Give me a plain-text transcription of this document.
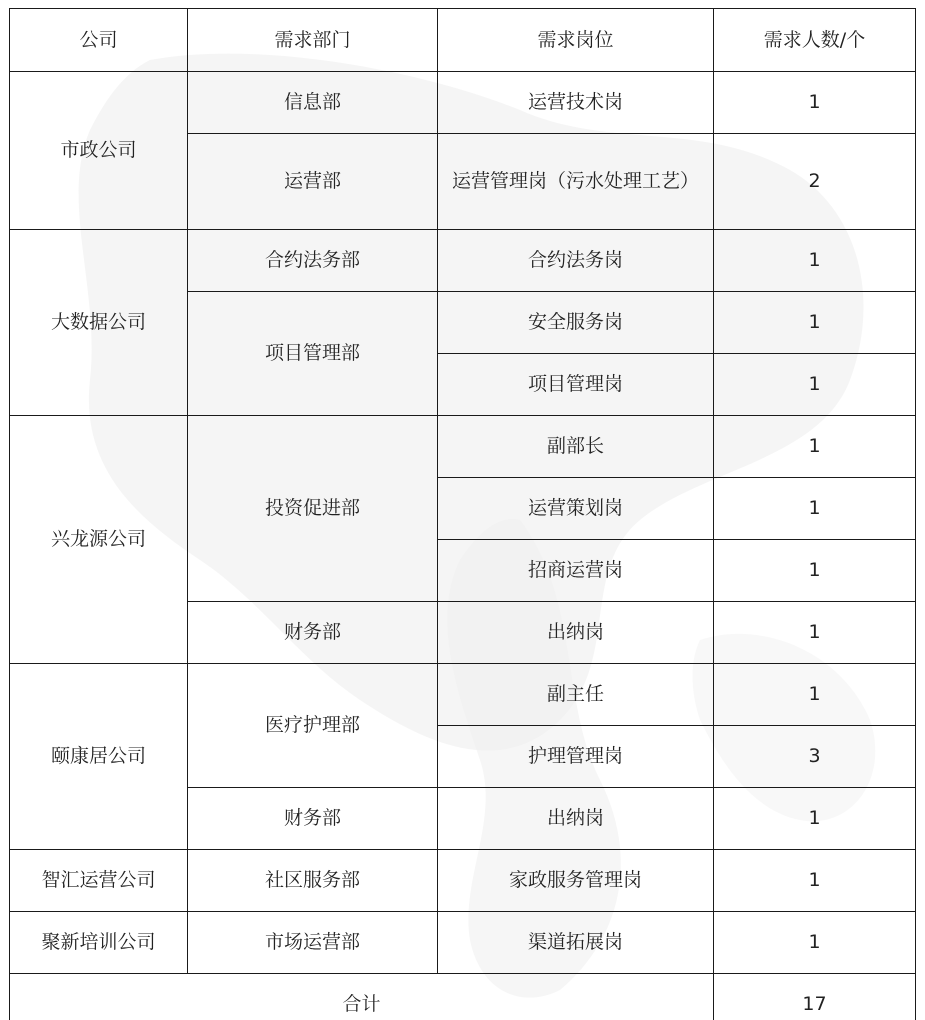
公司	需求部门	需求岗位	需求人数/个
市政公司	信息部	运营技术岗	1
	运营部	运营管理岗（污水处理工艺）	2
大数据公司	合约法务部	合约法务岗	1
	项目管理部	安全服务岗	1
		项目管理岗	1
兴龙源公司	投资促进部	副部长	1
		运营策划岗	1
		招商运营岗	1
	财务部	出纳岗	1
颐康居公司	医疗护理部	副主任	1
		护理管理岗	3
	财务部	出纳岗	1
智汇运营公司	社区服务部	家政服务管理岗	1
聚新培训公司	市场运营部	渠道拓展岗	1
合计			17
